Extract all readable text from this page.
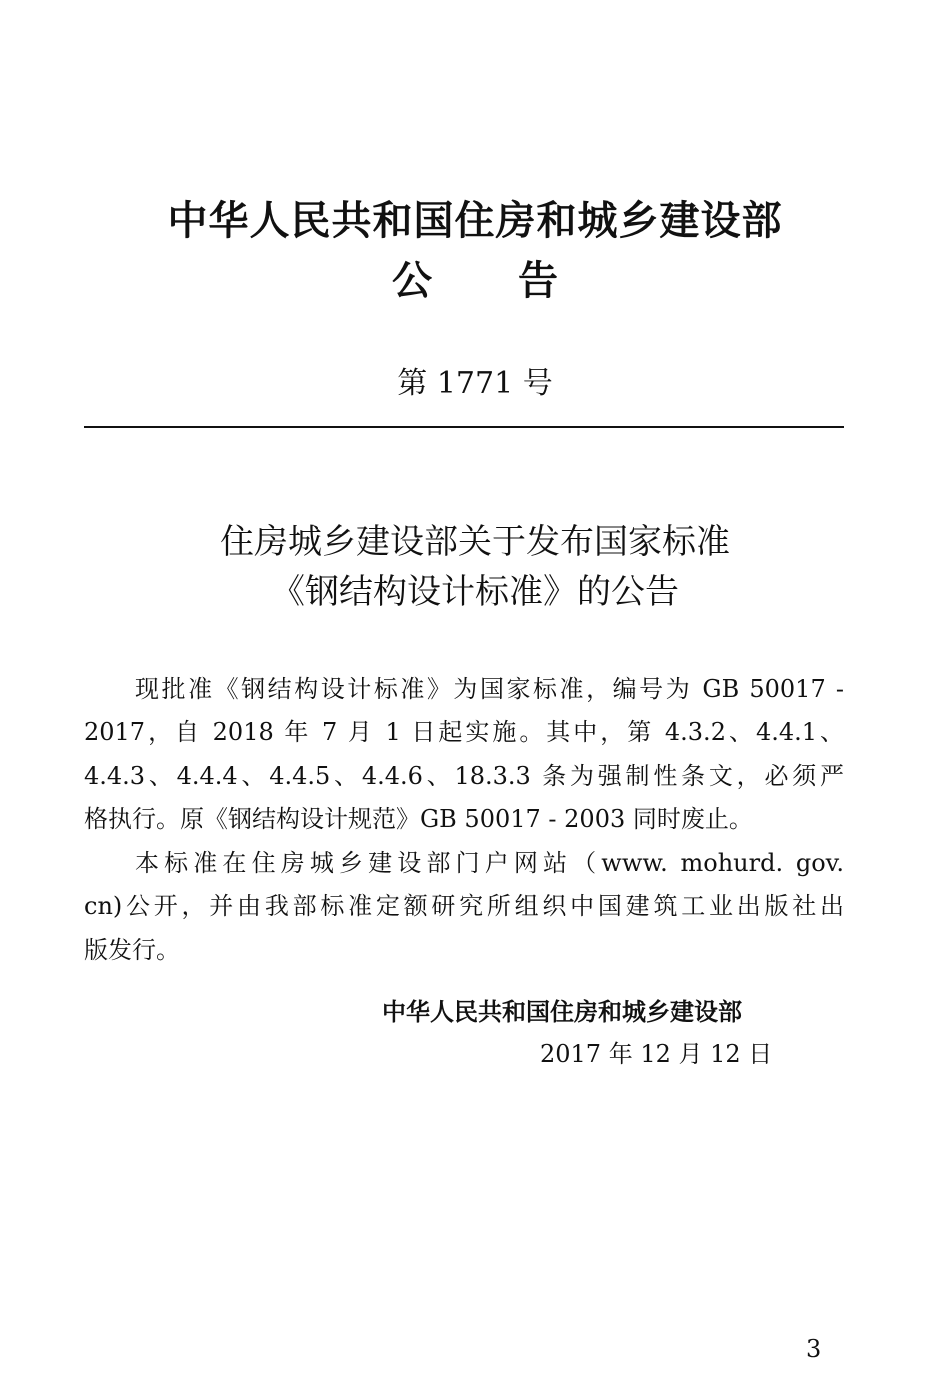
中华人民共和国住房和城乡建设部
公 告
第 1771 号
住房城乡建设部关于发布国家标准
《钢结构设计标准》的公告
现批准《钢结构设计标准》为国家标准，编号为 GB 50017 -
2017，自 2018 年 7 月 1 日起实施。其中，第 4.3.2、4.4.1、
4.4.3、4.4.4、4.4.5、4.4.6、18.3.3 条为强制性条文，必须严
格执行。原《钢结构设计规范》GB 50017 - 2003 同时废止。
本标准在住房城乡建设部门户网站（www. mohurd. gov.
cn)公开，并由我部标准定额研究所组织中国建筑工业出版社出
版发行。
中华人民共和国住房和城乡建设部
2017 年 12 月 12 日
3
